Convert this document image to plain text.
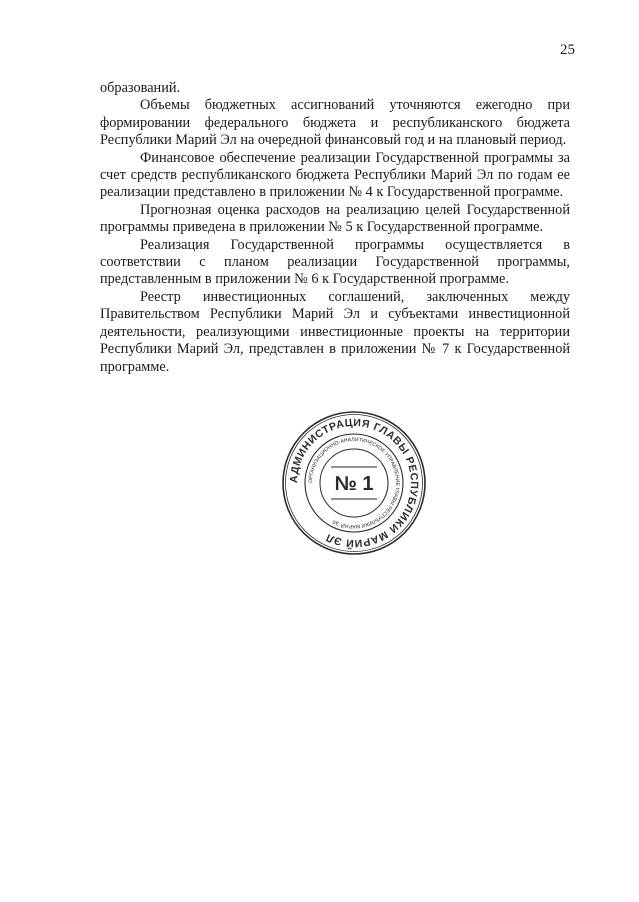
25

образований.

Объемы бюджетных ассигнований уточняются ежегодно при формировании федерального бюджета и республиканского бюджета Республики Марий Эл на очередной финансовый год и на плановый период.

Финансовое обеспечение реализации Государственной программы за счет средств республиканского бюджета Республики Марий Эл по годам ее реализации представлено в приложении № 4 к Государственной программе.

Прогнозная оценка расходов на реализацию целей Государственной программы приведена в приложении № 5 к Государственной программе.

Реализация Государственной программы осуществляется в соответствии с планом реализации Государственной программы, представленным в приложении № 6 к Государственной программе.

Реестр инвестиционных соглашений, заключенных между Правительством Республики Марий Эл и субъектами инвестиционной деятельности, реализующими инвестиционные проекты на территории Республики Марий Эл, представлен в приложении № 7 к Государственной программе.

АДМИНИСТРАЦИЯ ГЛАВЫ РЕСПУБЛИКИ МАРИЙ ЭЛ
ОРГАНИЗАЦИОННО-АНАЛИТИЧЕСКОЕ УПРАВЛЕНИЕ ГЛАВЫ РЕСПУБЛИКИ МАРИЙ ЭЛ
№ 1
